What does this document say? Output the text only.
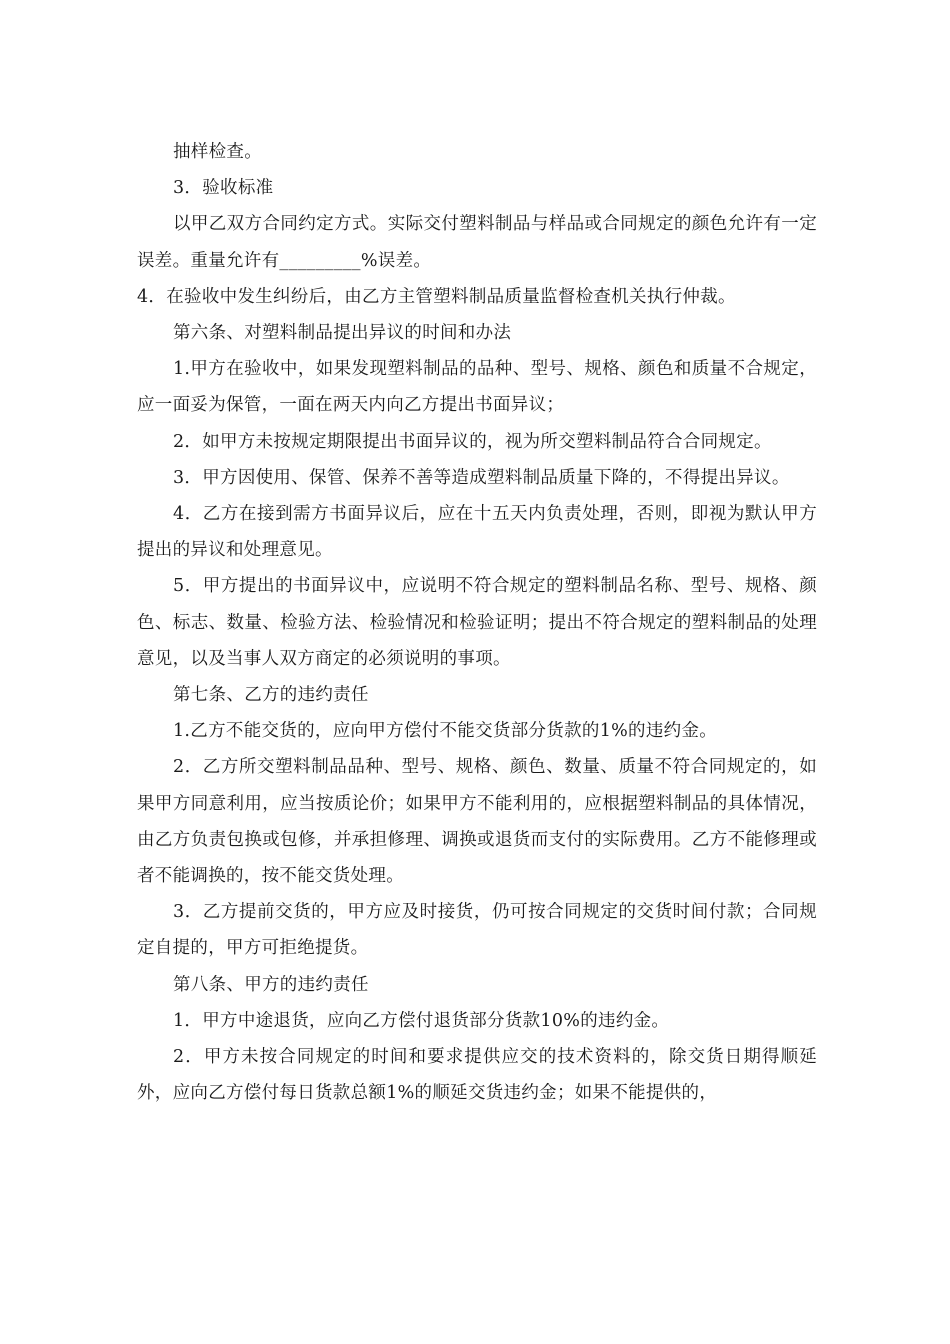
抽样检查。

3．验收标准

以甲乙双方合同约定方式。实际交付塑料制品与样品或合同规定的颜色允许有一定误差。重量允许有_________%误差。

4．在验收中发生纠纷后，由乙方主管塑料制品质量监督检查机关执行仲裁。

第六条、对塑料制品提出异议的时间和办法

1.甲方在验收中，如果发现塑料制品的品种、型号、规格、颜色和质量不合规定，应一面妥为保管，一面在两天内向乙方提出书面异议；

2．如甲方未按规定期限提出书面异议的，视为所交塑料制品符合合同规定。

3．甲方因使用、保管、保养不善等造成塑料制品质量下降的，不得提出异议。

4．乙方在接到需方书面异议后，应在十五天内负责处理，否则，即视为默认甲方提出的异议和处理意见。

5．甲方提出的书面异议中，应说明不符合规定的塑料制品名称、型号、规格、颜色、标志、数量、检验方法、检验情况和检验证明；提出不符合规定的塑料制品的处理意见，以及当事人双方商定的必须说明的事项。

第七条、乙方的违约责任

1.乙方不能交货的，应向甲方偿付不能交货部分货款的1%的违约金。

2．乙方所交塑料制品品种、型号、规格、颜色、数量、质量不符合同规定的，如果甲方同意利用，应当按质论价；如果甲方不能利用的，应根据塑料制品的具体情况，由乙方负责包换或包修，并承担修理、调换或退货而支付的实际费用。乙方不能修理或者不能调换的，按不能交货处理。

3．乙方提前交货的，甲方应及时接货，仍可按合同规定的交货时间付款；合同规定自提的，甲方可拒绝提货。

第八条、甲方的违约责任

1．甲方中途退货，应向乙方偿付退货部分货款10%的违约金。

2．甲方未按合同规定的时间和要求提供应交的技术资料的，除交货日期得顺延外，应向乙方偿付每日货款总额1%的顺延交货违约金；如果不能提供的，
